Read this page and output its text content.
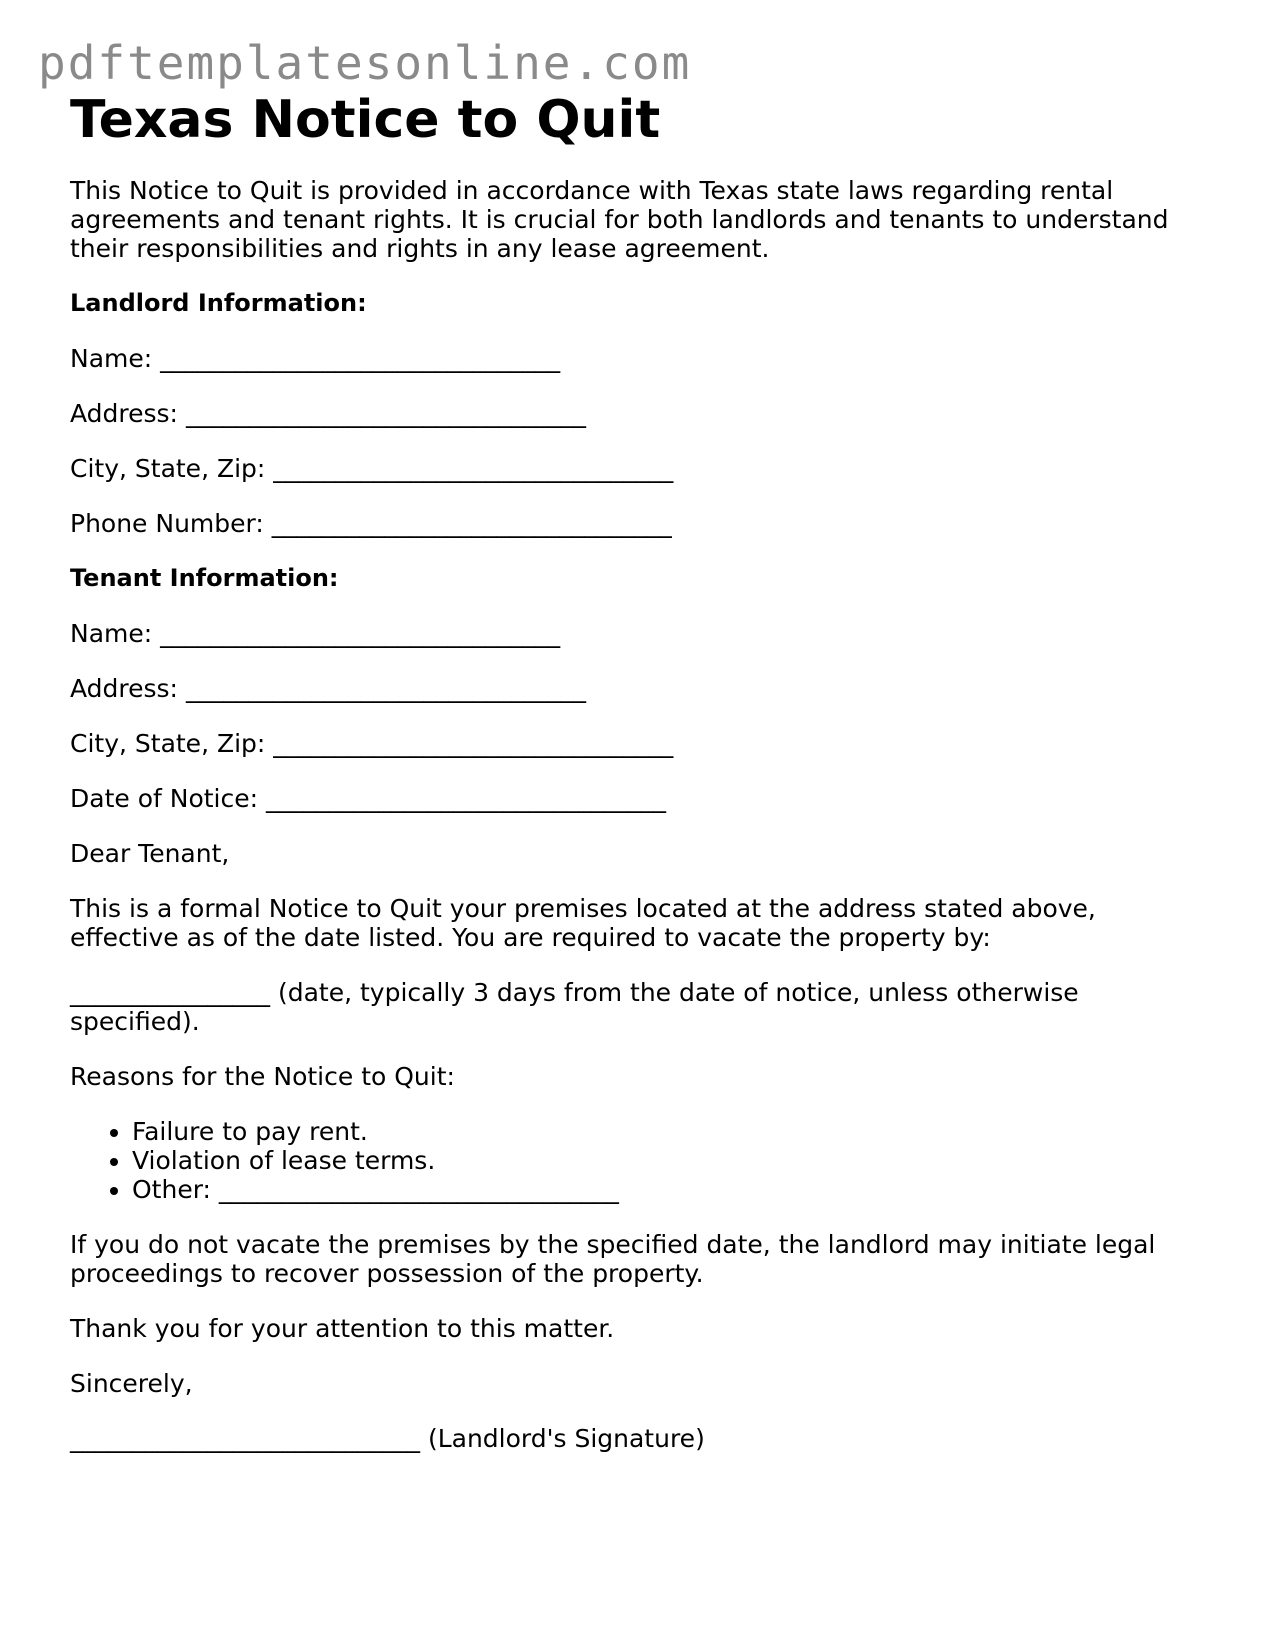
pdftemplatesonline.com
Texas Notice to Quit

This Notice to Quit is provided in accordance with Texas state laws regarding rental agreements and tenant rights. It is crucial for both landlords and tenants to understand their responsibilities and rights in any lease agreement.

Landlord Information:
Name: ________________________________
Address: ________________________________
City, State, Zip: ________________________________
Phone Number: ________________________________
Tenant Information:
Name: ________________________________
Address: ________________________________
City, State, Zip: ________________________________
Date of Notice: ________________________________

Dear Tenant,

This is a formal Notice to Quit your premises located at the address stated above, effective as of the date listed. You are required to vacate the property by:

________________ (date, typically 3 days from the date of notice, unless otherwise specified).

Reasons for the Notice to Quit:

• Failure to pay rent.
• Violation of lease terms.
• Other: ________________________________

If you do not vacate the premises by the specified date, the landlord may initiate legal proceedings to recover possession of the property.

Thank you for your attention to this matter.

Sincerely,

____________________________ (Landlord's Signature)
